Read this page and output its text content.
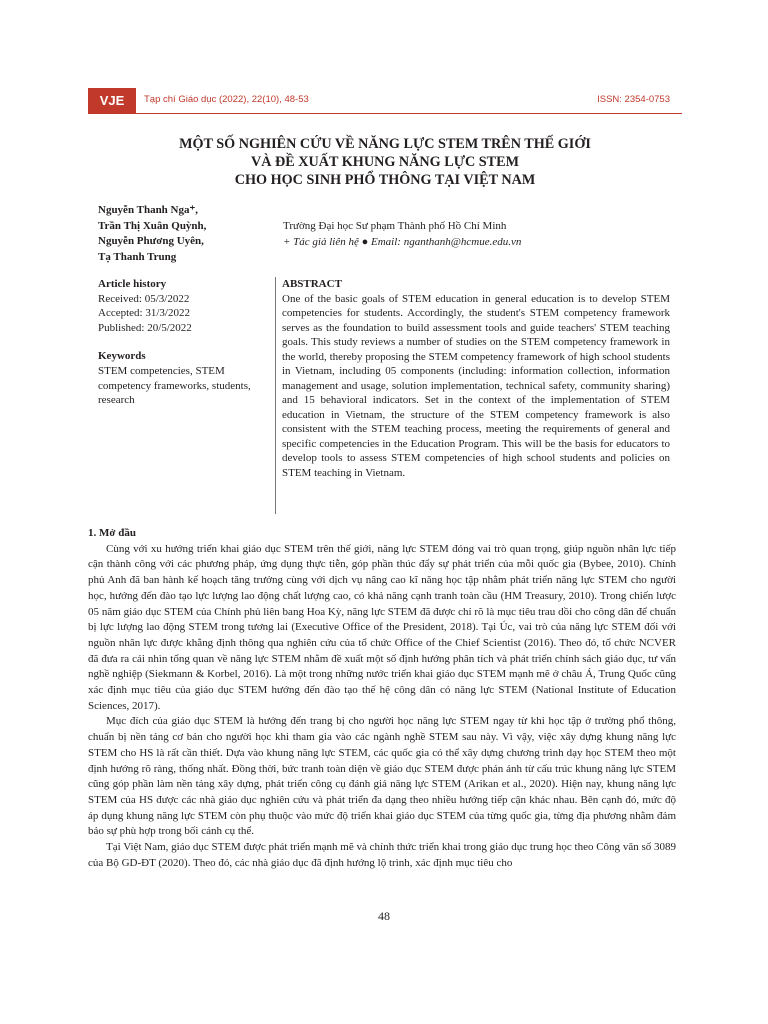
VJE	Tạp chí Giáo dục (2022), 22(10), 48-53	ISSN: 2354-0753
MỘT SỐ NGHIÊN CỨU VỀ NĂNG LỰC STEM TRÊN THẾ GIỚI
VÀ ĐỀ XUẤT KHUNG NĂNG LỰC STEM
CHO HỌC SINH PHỔ THÔNG TẠI VIỆT NAM
Nguyễn Thanh Nga⁺,
Trần Thị Xuân Quỳnh,
Nguyễn Phương Uyên,
Tạ Thanh Trung
Trường Đại học Sư phạm Thành phố Hồ Chí Minh
+ Tác giả liên hệ ● Email: nganthanh@hcmue.edu.vn
Article history
Received: 05/3/2022
Accepted: 31/3/2022
Published: 20/5/2022
Keywords
STEM competencies, STEM competency frameworks, students, research
ABSTRACT
One of the basic goals of STEM education in general education is to develop STEM competencies for students. Accordingly, the student's STEM competency framework serves as the foundation to build assessment tools and guide teachers' STEM teaching goals. This study reviews a number of studies on the STEM competency framework in the world, thereby proposing the STEM competency framework of high school students in Vietnam, including 05 components (including: information collection, information management and usage, solution implementation, technical safety, community sharing) and 15 behavioral indicators. Set in the context of the implementation of STEM education in Vietnam, the structure of the STEM competency framework is also consistent with the STEM teaching process, meeting the requirements of general and specific competencies in the Education Program. This will be the basis for educators to develop tools to assess STEM competencies of high school students and policies on STEM teaching in Vietnam.

1. Mở đầu

Cùng với xu hướng triển khai giáo dục STEM trên thế giới, năng lực STEM đóng vai trò quan trọng, giúp nguồn nhân lực tiếp cận thành công với các phương pháp, ứng dụng thực tiễn, góp phần thúc đẩy sự phát triển của mỗi quốc gia (Bybee, 2010). Chính phủ Anh đã ban hành kế hoạch tăng trưởng cùng với dịch vụ nâng cao kĩ năng học tập nhằm phát triển năng lực STEM cho người học, hướng đến đào tạo lực lượng lao động chất lượng cao, có khả năng cạnh tranh toàn cầu (HM Treasury, 2010). Trong chiến lược 05 năm giáo dục STEM của Chính phủ liên bang Hoa Kỳ, năng lực STEM đã được chỉ rõ là mục tiêu trau dồi cho công dân để chuẩn bị lực lượng lao động STEM trong tương lai (Executive Office of the President, 2018). Tại Úc, vai trò của năng lực STEM đối với nguồn nhân lực được khẳng định thông qua nghiên cứu của tổ chức Office of the Chief Scientist (2016). Theo đó, tổ chức NCVER đã đưa ra cái nhìn tổng quan về năng lực STEM nhằm đề xuất một số định hướng phân tích và phát triển chính sách giáo dục, tư vấn nghề nghiệp (Siekmann & Korbel, 2016). Là một trong những nước triển khai giáo dục STEM mạnh mẽ ở châu Á, Trung Quốc cũng xác định mục tiêu của giáo dục STEM hướng đến đào tạo thế hệ công dân có năng lực STEM (National Institute of Education Sciences, 2017).

Mục đích của giáo dục STEM là hướng đến trang bị cho người học năng lực STEM ngay từ khi học tập ở trường phổ thông, chuẩn bị nền tảng cơ bản cho người học khi tham gia vào các ngành nghề STEM sau này. Vì vậy, việc xây dựng khung năng lực STEM cho HS là rất cần thiết. Dựa vào khung năng lực STEM, các quốc gia có thể xây dựng chương trình dạy học STEM theo một định hướng rõ ràng, thống nhất. Đồng thời, bức tranh toàn diện về giáo dục STEM được phản ánh từ cấu trúc khung năng lực STEM cũng góp phần làm nền tảng xây dựng, phát triển công cụ đánh giá năng lực STEM (Arikan et al., 2020). Hiện nay, khung năng lực STEM của HS được các nhà giáo dục nghiên cứu và phát triển đa dạng theo nhiều hướng tiếp cận khác nhau. Bên cạnh đó, mức độ áp dụng khung năng lực STEM còn phụ thuộc vào mức độ triển khai giáo dục STEM của từng quốc gia, từng địa phương nhằm đảm bảo sự phù hợp trong bối cảnh cụ thể.

Tại Việt Nam, giáo dục STEM được phát triển mạnh mẽ và chính thức triển khai trong giáo dục trung học theo Công văn số 3089 của Bộ GD-ĐT (2020). Theo đó, các nhà giáo dục đã định hướng lộ trình, xác định mục tiêu cho

48
